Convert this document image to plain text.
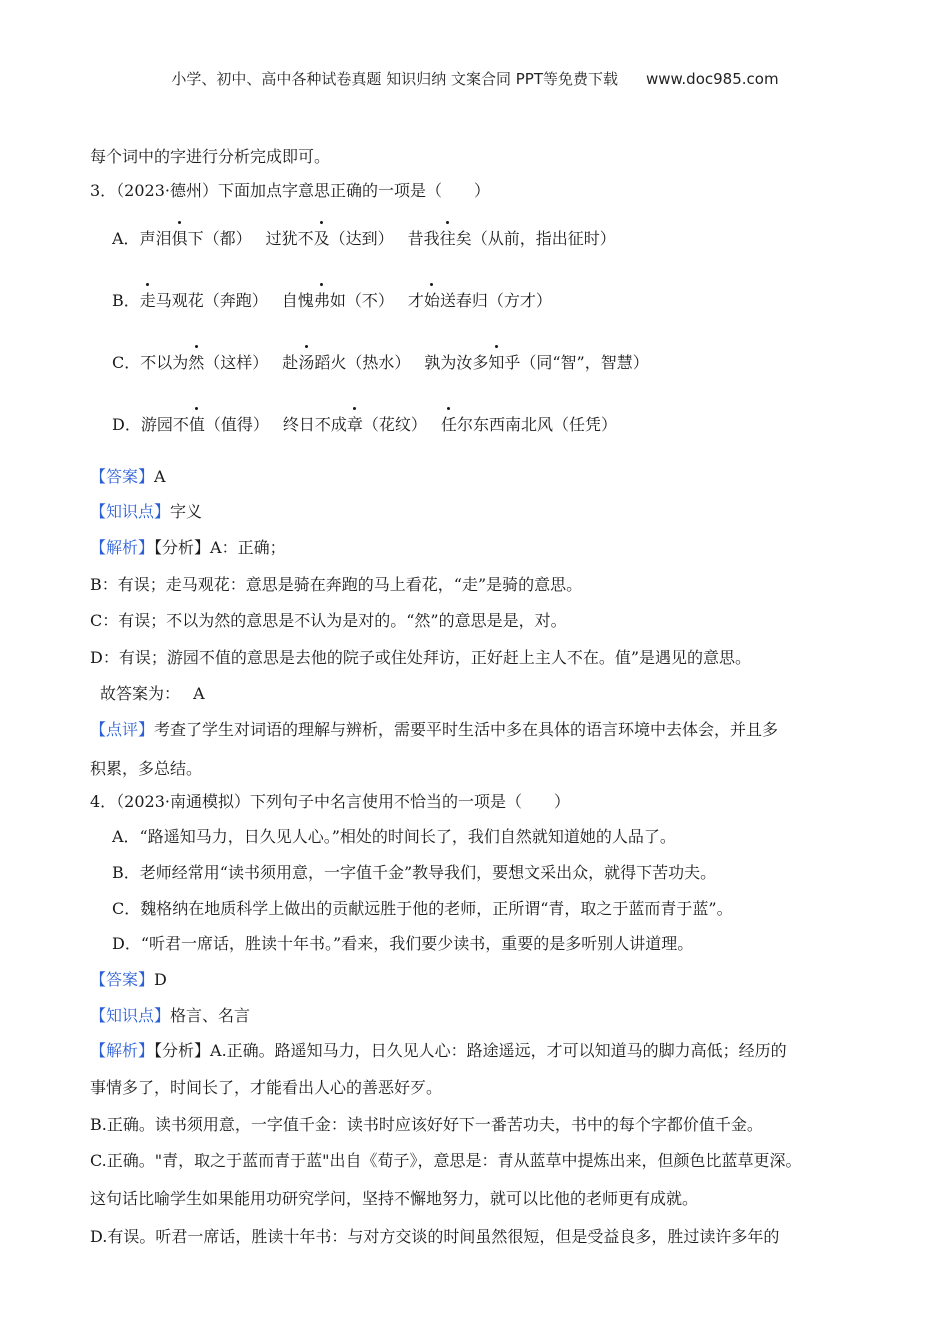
小学、初中、高中各种试卷真题 知识归纳 文案合同 PPT等免费下载 www.doc985.com
每个词中的字进行分析完成即可。
3．（2023·德州）下面加点字意思正确的一项是（　　）
A．声泪俱下（都） 过犹不及（达到） 昔我往矣（从前，指出征时）
B．走马观花（奔跑） 自愧弗如（不） 才始送春归（方才）
C．不以为然（这样） 赴汤蹈火（热水） 孰为汝多知乎（同“智”，智慧）
D．游园不值（值得） 终日不成章（花纹） 任尔东西南北风（任凭）
【答案】A
【知识点】字义
【解析】【分析】A：正确；
B：有误；走马观花：意思是骑在奔跑的马上看花，“走”是骑的意思。
C：有误；不以为然的意思是不认为是对的。“然”的意思是是，对。
D：有误；游园不值的意思是去他的院子或住处拜访，正好赶上主人不在。值”是遇见的意思。
故答案为：　 A
【点评】考查了学生对词语的理解与辨析，需要平时生活中多在具体的语言环境中去体会，并且多
积累，多总结。
4．（2023·南通模拟）下列句子中名言使用不恰当的一项是（　　）
A．“路遥知马力，日久见人心。”相处的时间长了，我们自然就知道她的人品了。
B．老师经常用“读书须用意，一字值千金”教导我们，要想文采出众，就得下苦功夫。
C．魏格纳在地质科学上做出的贡献远胜于他的老师，正所谓“青，取之于蓝而青于蓝”。
D．“听君一席话，胜读十年书。”看来，我们要少读书，重要的是多听别人讲道理。
【答案】D
【知识点】格言、名言
【解析】【分析】A.正确。路遥知马力，日久见人心：路途遥远，才可以知道马的脚力高低；经历的
事情多了，时间长了，才能看出人心的善恶好歹。
B.正确。读书须用意，一字值千金：读书时应该好好下一番苦功夫，书中的每个字都价值千金。
C.正确。"青，取之于蓝而青于蓝"出自《荀子》，意思是：青从蓝草中提炼出来，但颜色比蓝草更深。
这句话比喻学生如果能用功研究学问，坚持不懈地努力，就可以比他的老师更有成就。
D.有误。听君一席话，胜读十年书：与对方交谈的时间虽然很短，但是受益良多，胜过读许多年的
